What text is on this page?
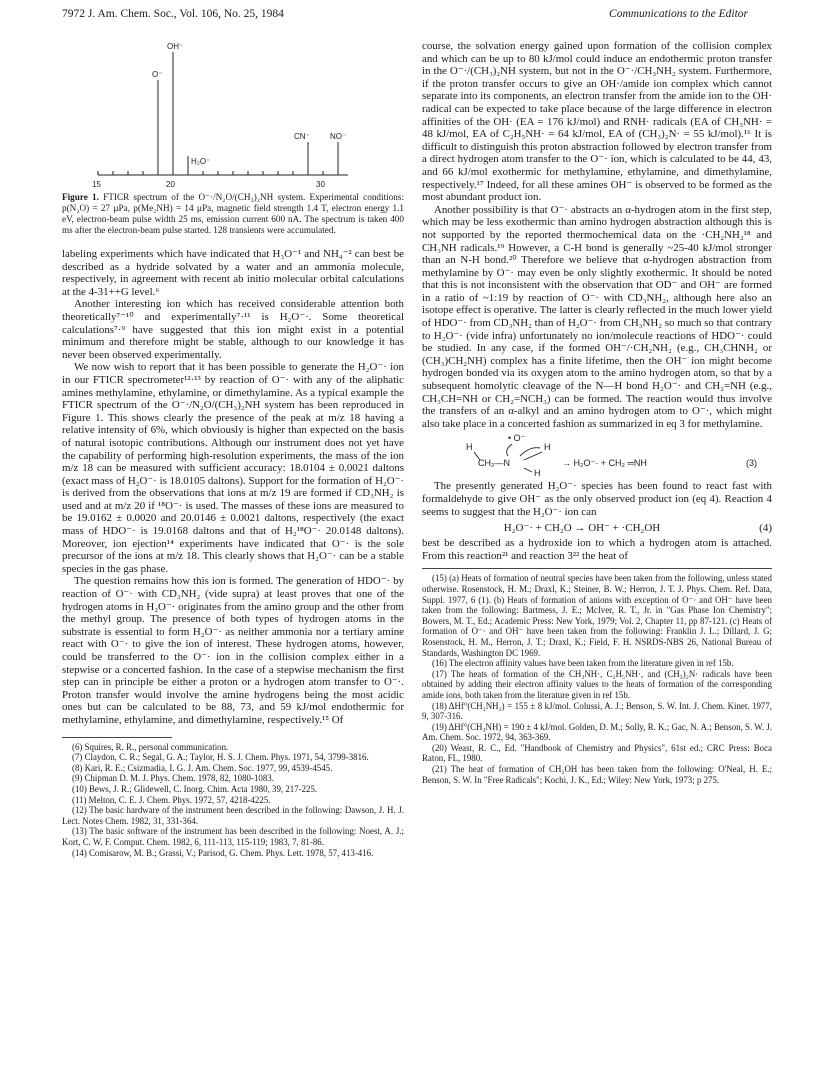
7972 J. Am. Chem. Soc., Vol. 106, No. 25, 1984	Communications to the Editor
OH⁻
O⁻
CN⁻	NO⁻
H₂O⁻
15	20	30
Figure 1. FTICR spectrum of the O⁻·/N₂O/(CH₃)₂NH system. Experimental conditions: p(N₂O) = 27 µPa, p(Me₂NH) = 14 µPa, magnetic field strength 1.4 T, electron energy 1.1 eV, electron-beam pulse width 25 ms, emission current 600 nA. The spectrum is taken 400 ms after the electron-beam pulse started. 128 transients were accumulated.

labeling experiments which have indicated that H₃O⁻¹ and NH₄⁻² can best be described as a hydride solvated by a water and an ammonia molecule, respectively, in agreement with recent ab initio molecular orbital calculations at the 4-31++G level.⁶

Another interesting ion which has received considerable attention both theoretically⁷⁻¹⁰ and experimentally⁷·¹¹ is H₂O⁻·. Some theoretical calculations⁷·⁹ have suggested that this ion might exist in a potential minimum and therefore might be stable, although to our knowledge it has never been observed experimentally.

We now wish to report that it has been possible to generate the H₂O⁻· ion in our FTICR spectrometer¹²·¹³ by reaction of O⁻· with any of the aliphatic amines methylamine, ethylamine, or dimethylamine. As a typical example the FTICR spectrum of the O⁻·/N₂O/(CH₃)₂NH system has been reproduced in Figure 1. This shows clearly the presence of the peak at m/z 18 having a relative intensity of 6%, which obviously is higher than expected on the basis of natural isotopic contributions. Although our instrument does not yet have the capability of performing high-resolution experiments, the mass of the ion m/z 18 can be measured with sufficient accuracy: 18.0104 ± 0.0021 daltons (exact mass of H₂O⁻· is 18.0105 daltons). Support for the formation of H₂O⁻· is derived from the observations that ions at m/z 19 are formed if CD₃NH₂ is used and at m/z 20 if ¹⁸O⁻· is used. The masses of these ions are measured to be 19.0162 ± 0.0020 and 20.0146 ± 0.0021 daltons, respectively (the exact mass of HDO⁻· is 19.0168 daltons and that of H₂¹⁸O⁻· 20.0148 daltons). Moreover, ion ejection¹⁴ experiments have indicated that O⁻· is the sole precursor of the ions at m/z 18. This clearly shows that H₂O⁻· can be a stable species in the gas phase.

The question remains how this ion is formed. The generation of HDO⁻· by reaction of O⁻· with CD₃NH₂ (vide supra) at least proves that one of the hydrogen atoms in H₂O⁻· originates from the amino group and the other from the methyl group. The presence of both types of hydrogen atoms in the substrate is essential to form H₂O⁻· as neither ammonia nor a tertiary amine react with O⁻· to give the ion of interest. These hydrogen atoms, however, could be transferred to the O⁻· ion in the collision complex either in a stepwise or a concerted fashion. In the case of a stepwise mechanism the first step can in principle be either a proton or a hydrogen atom transfer to O⁻·. Proton transfer would involve the amine hydrogens being the most acidic ones but can be calculated to be 88, 73, and 59 kJ/mol endothermic for methylamine, ethylamine, and dimethylamine, respectively.¹⁵ Of

(6) Squires, R. R., personal communication.

(7) Claydon, C. R.; Segal, G. A.; Taylor, H. S. J. Chem. Phys. 1971, 54, 3799-3816.

(8) Kari, R. E.; Csizmadia, I. G. J. Am. Chem. Soc. 1977, 99, 4539-4545.

(9) Chipman D. M. J. Phys. Chem. 1978, 82, 1080-1083.

(10) Bews, J. R.; Glidewell, C. Inorg. Chim. Acta 1980, 39, 217-225.

(11) Melton, C. E. J. Chem. Phys. 1972, 57, 4218-4225.

(12) The basic hardware of the instrument been described in the following: Dawson, J. H. J. Lect. Notes Chem. 1982, 31, 331-364.

(13) The basic software of the instrument has been described in the following: Noest, A. J.; Kort, C. W. F. Comput. Chem. 1982, 6, 111-113, 115-119; 1983, 7, 81-86.

(14) Comisarow, M. B.; Grassi, V.; Parisod, G. Chem. Phys. Lett. 1978, 57, 413-416.

course, the solvation energy gained upon formation of the collision complex and which can be up to 80 kJ/mol could induce an endothermic proton transfer in the O⁻·/(CH₃)₂NH system, but not in the O⁻·/CH₃NH₂ system. Furthermore, if the proton transfer occurs to give an OH·/amide ion complex which cannot separate into its components, an electron transfer from the amide ion to the OH· radical can be expected to take place because of the large difference in electron affinities of the OH· (EA = 176 kJ/mol) and RNH· radicals (EA of CH₃NH· = 48 kJ/mol, EA of C₂H₅NH· = 64 kJ/mol, EA of (CH₃)₂N· = 55 kJ/mol).¹⁶ It is difficult to distinguish this proton abstraction followed by electron transfer from a direct hydrogen atom transfer to the O⁻· ion, which is calculated to be 44, 43, and 66 kJ/mol exothermic for methylamine, ethylamine, and dimethylamine, respectively.¹⁷ Indeed, for all these amines OH⁻ is observed to be formed as the most abundant product ion.

Another possibility is that O⁻· abstracts an α-hydrogen atom in the first step, which may be less exothermic than amino hydrogen abstraction although this is not supported by the reported thermochemical data on the ·CH₂NH₂¹⁸ and CH₃NH radicals.¹⁹ However, a C-H bond is generally ~25-40 kJ/mol stronger than an N-H bond.²⁰ Therefore we believe that α-hydrogen abstraction from methylamine by O⁻· may even be only slightly exothermic. It should be noted that this is not inconsistent with the observation that OD⁻ and OH⁻ are formed in a ratio of ~1:19 by reaction of O⁻· with CD₃NH₂, although here also an isotope effect is operative. The latter is clearly reflected in the much lower yield of HDO⁻· from CD₃NH₂ than of H₂O⁻· from CH₃NH₂ so much so that contrary to H₂O⁻· (vide infra) unfortunately no ion/molecule reactions of HDO⁻· could be studied. In any case, if the formed OH⁻/·CH₂NH₂ (e.g., CH₃CHNH₂ or (CH₃)CH₂NH) complex has a finite lifetime, then the OH⁻ ion might become hydrogen bonded via its oxygen atom to the amino hydrogen atom, so that by a subsequent homolytic cleavage of the N—H bond H₂O⁻· and CH₂=NH (e.g., CH₃CH=NH or CH₂=NCH₃) can be formed. The reaction would thus involve the transfers of an α-alkyl and an amino hydrogen atom to O⁻·, which might also take place in a concerted fashion as summarized in eq 3 for methylamine.

• O⁻
H	H
CH₂—N
H
→ H₂O⁻· + CH₂ ═NH	(3)

The presently generated H₂O⁻· species has been found to react fast with formaldehyde to give OH⁻ as the only observed product ion (eq 4). Reaction 4 seems to suggest that the H₂O⁻· ion can

H₂O⁻· + CH₂O → OH⁻ + ·CH₂OH	(4)

best be described as a hydroxide ion to which a hydrogen atom is attached. From this reaction²¹ and reaction 3²² the heat of

(15) (a) Heats of formation of neutral species have been taken from the following, unless stated otherwise. Rosenstock, H. M.; Draxl, K.; Steiner, B. W.; Herron, J. T. J. Phys. Chem. Ref. Data, Suppl. 1977, 6 (1). (b) Heats of formation of anions with exception of O⁻· and OH⁻ have been taken from the following: Bartmess, J. E.; McIver, R. T., Jr. in "Gas Phase Ion Chemistry"; Bowers, M. T., Ed.; Academic Press: New York, 1979; Vol. 2, Chapter 11, pp 87-121. (c) Heats of formation of O⁻· and OH⁻ have been taken from the following: Franklin J. L.; Dillard, J. G; Rosenstock, H. M., Herron, J. T.; Draxl, K.; Field, F. H. NSRDS-NBS 26, National Bureau of Standards, Washington DC 1969.

(16) The electron affinity values have been taken from the literature given in ref 15b.

(17) The heats of formation of the CH₃NH·, C₂H₅NH·, and (CH₃)₂N· radicals have been obtained by adding their electron affinity values to the heats of formation of the corresponding amide ions, both taken from the literature given in ref 15b.

(18) ΔHf°(CH₂NH₂) = 155 ± 8 kJ/mol. Colussi, A. J.; Benson, S. W. Int. J. Chem. Kinet. 1977, 9, 307-316.

(19) ΔHf°(CH₃NH) = 190 ± 4 kJ/mol. Golden, D. M.; Solly, R. K.; Gac, N. A.; Benson, S. W. J. Am. Chem. Soc. 1972, 94, 363-369.

(20) Weast, R. C., Ed. "Handbook of Chemistry and Physics", 61st ed.; CRC Press: Boca Raton, FL, 1980.

(21) The heat of formation of CH₂OH has been taken from the following: O'Neal, H. E.; Benson, S. W. In "Free Radicals"; Kochi, J. K., Ed.; Wiley: New York, 1973; p 275.
